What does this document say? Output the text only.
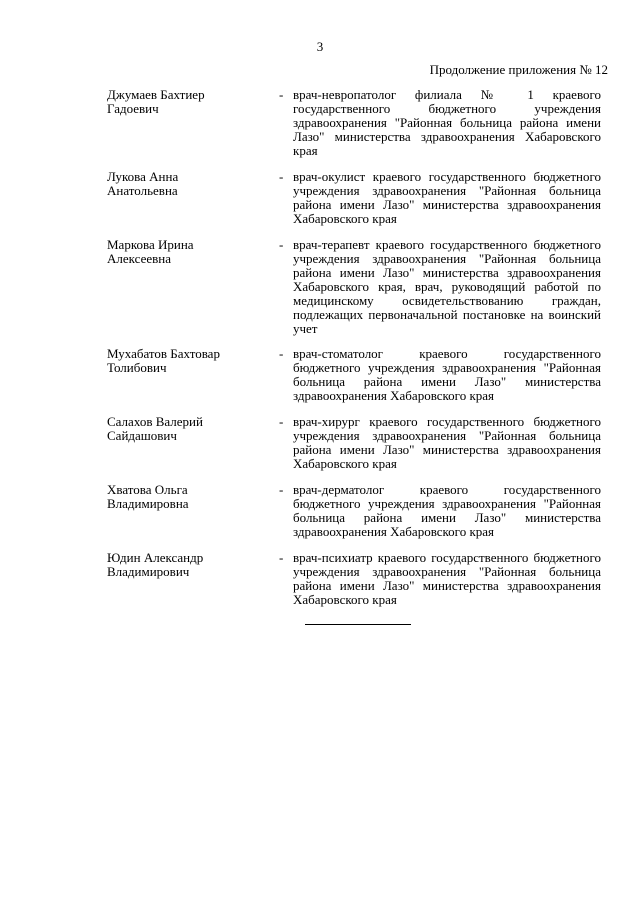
3
Продолжение приложения № 12
Джумаев Бахтиер
Гадоевич
- врач-невропатолог филиала № 1 краевого государственного бюджетного учреждения здравоохранения "Районная больница района имени Лазо" министерства здравоохранения Хабаровского края
Лукова Анна
Анатольевна
- врач-окулист краевого государственного бюджетного учреждения здравоохранения "Районная больница района имени Лазо" министерства здравоохранения Хабаровского края
Маркова Ирина
Алексеевна
- врач-терапевт краевого государственного бюджетного учреждения здравоохранения "Районная больница района имени Лазо" министерства здравоохранения Хабаровского края, врач, руководящий работой по медицинскому освидетельствованию граждан, подлежащих первоначальной постановке на воинский учет
Мухабатов Бахтовар
Толибович
- врач-стоматолог краевого государственного бюджетного учреждения здравоохранения "Районная больница района имени Лазо" министерства здравоохранения Хабаровского края
Салахов Валерий
Сайдашович
- врач-хирург краевого государственного бюджетного учреждения здравоохранения "Районная больница района имени Лазо" министерства здравоохранения Хабаровского края
Хватова Ольга
Владимировна
- врач-дерматолог краевого государственного бюджетного учреждения здравоохранения "Районная больница района имени Лазо" министерства здравоохранения Хабаровского края
Юдин Александр
Владимирович
- врач-психиатр краевого государственного бюджетного учреждения здравоохранения "Районная больница района имени Лазо" министерства здравоохранения Хабаровского края
